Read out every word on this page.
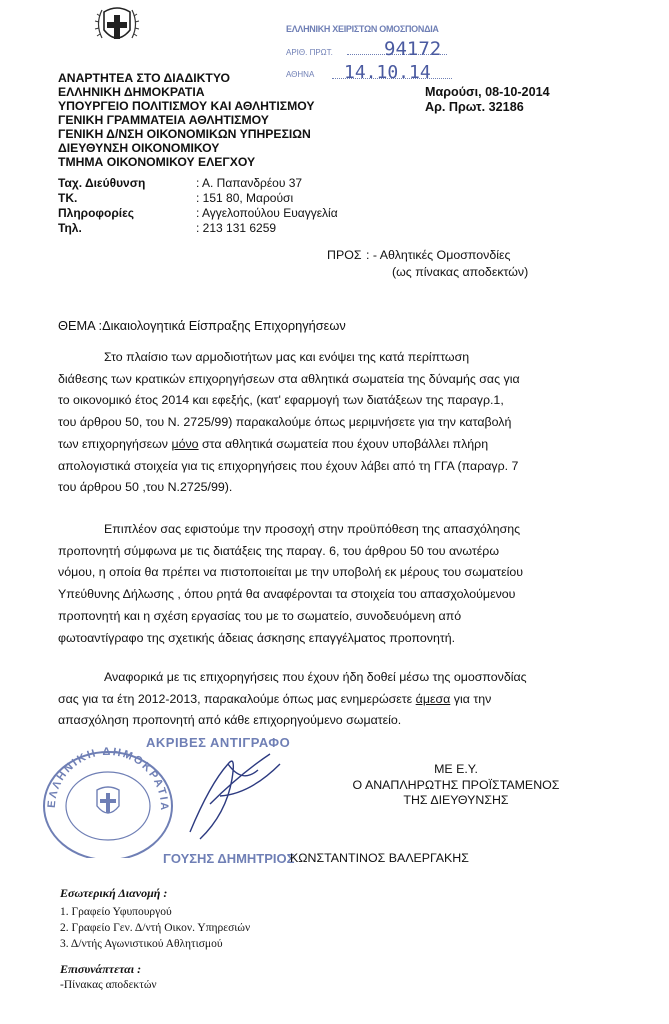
ΕΛΛΗΝΙΚΗ ΧΕΙΡΙΣΤΩΝ ΟΜΟΣΠΟΝΔΙΑ
ΑΡΙΘ. ΠΡΩΤ.	94172
ΑΘΗΝΑ 14.10.14
ΑΝΑΡΤΗΤΕΑ ΣΤΟ ΔΙΑΔΙΚΤΥΟ
ΕΛΛΗΝΙΚΗ ΔΗΜΟΚΡΑΤΙΑ
ΥΠΟΥΡΓΕΙΟ ΠΟΛΙΤΙΣΜΟΥ ΚΑΙ ΑΘΛΗΤΙΣΜΟΥ
ΓΕΝΙΚΗ ΓΡΑΜΜΑΤΕΙΑ ΑΘΛΗΤΙΣΜΟΥ
ΓΕΝΙΚΗ Δ/ΝΣΗ ΟΙΚΟΝΟΜΙΚΩΝ ΥΠΗΡΕΣΙΩΝ
ΔΙΕΥΘΥΝΣΗ ΟΙΚΟΝΟΜΙΚΟΥ
ΤΜΗΜΑ ΟΙΚΟΝΟΜΙΚΟΥ ΕΛΕΓΧΟΥ
Μαρούσι, 08-10-2014
Αρ. Πρωτ. 32186
Ταχ. Διεύθυνση	: Α. Παπανδρέου 37
ΤΚ.	: 151 80, Μαρούσι
Πληροφορίες	: Αγγελοπούλου Ευαγγελία
Τηλ.	: 213 131 6259
ΠΡΟΣ : - Αθλητικές Ομοσπονδίες
(ως πίνακας αποδεκτών)
ΘΕΜΑ :Δικαιολογητικά Είσπραξης Επιχορηγήσεων
Στο πλαίσιο των αρμοδιοτήτων μας και ενόψει της κατά περίπτωση
διάθεσης των κρατικών επιχορηγήσεων στα αθλητικά σωματεία της δύναμής σας για
το οικονομικό έτος 2014 και εφεξής, (κατ' εφαρμογή των διατάξεων της παραγρ.1,
του άρθρου 50, του Ν. 2725/99) παρακαλούμε όπως μεριμνήσετε για την καταβολή
των επιχορηγήσεων μόνο στα αθλητικά σωματεία που έχουν υποβάλλει πλήρη
απολογιστικά στοιχεία για τις επιχορηγήσεις που έχουν λάβει από τη ΓΓΑ (παραγρ. 7
του άρθρου 50 ,του Ν.2725/99).
Επιπλέον σας εφιστούμε την προσοχή στην προϋπόθεση της απασχόλησης
προπονητή σύμφωνα με τις διατάξεις της παραγ. 6, του άρθρου 50 του ανωτέρω
νόμου, η οποία θα πρέπει να πιστοποιείται με την υποβολή εκ μέρους του σωματείου
Υπεύθυνης Δήλωσης , όπου ρητά θα αναφέρονται τα στοιχεία του απασχολούμενου
προπονητή και η σχέση εργασίας του με το σωματείο, συνοδευόμενη από
φωτοαντίγραφο της σχετικής άδειας άσκησης επαγγέλματος προπονητή.
Αναφορικά με τις επιχορηγήσεις που έχουν ήδη δοθεί μέσω της ομοσπονδίας
σας για τα έτη 2012-2013, παρακαλούμε όπως μας ενημερώσετε άμεσα για την
απασχόληση προπονητή από κάθε επιχορηγούμενο σωματείο.
ΕΛΛΗΝΙΚΗ ΔΗΜΟΚΡΑΤΙΑ
ΑΚΡΙΒΕΣ ΑΝΤΙΓΡΑΦΟ
ΓΟΥΣΗΣ ΔΗΜΗΤΡΙΟΣ
ΜΕ Ε.Υ.
Ο ΑΝΑΠΛΗΡΩΤΗΣ ΠΡΟΪΣΤΑΜΕΝΟΣ
ΤΗΣ ΔΙΕΥΘΥΝΣΗΣ
ΚΩΝΣΤΑΝΤΙΝΟΣ ΒΑΛΕΡΓΑΚΗΣ
Εσωτερική Διανομή :
1. Γραφείο Υφυπουργού
2. Γραφείο Γεν. Δ/ντή Οικον. Υπηρεσιών
3. Δ/ντής Αγωνιστικού Αθλητισμού
Επισυνάπτεται :
-Πίνακας αποδεκτών
